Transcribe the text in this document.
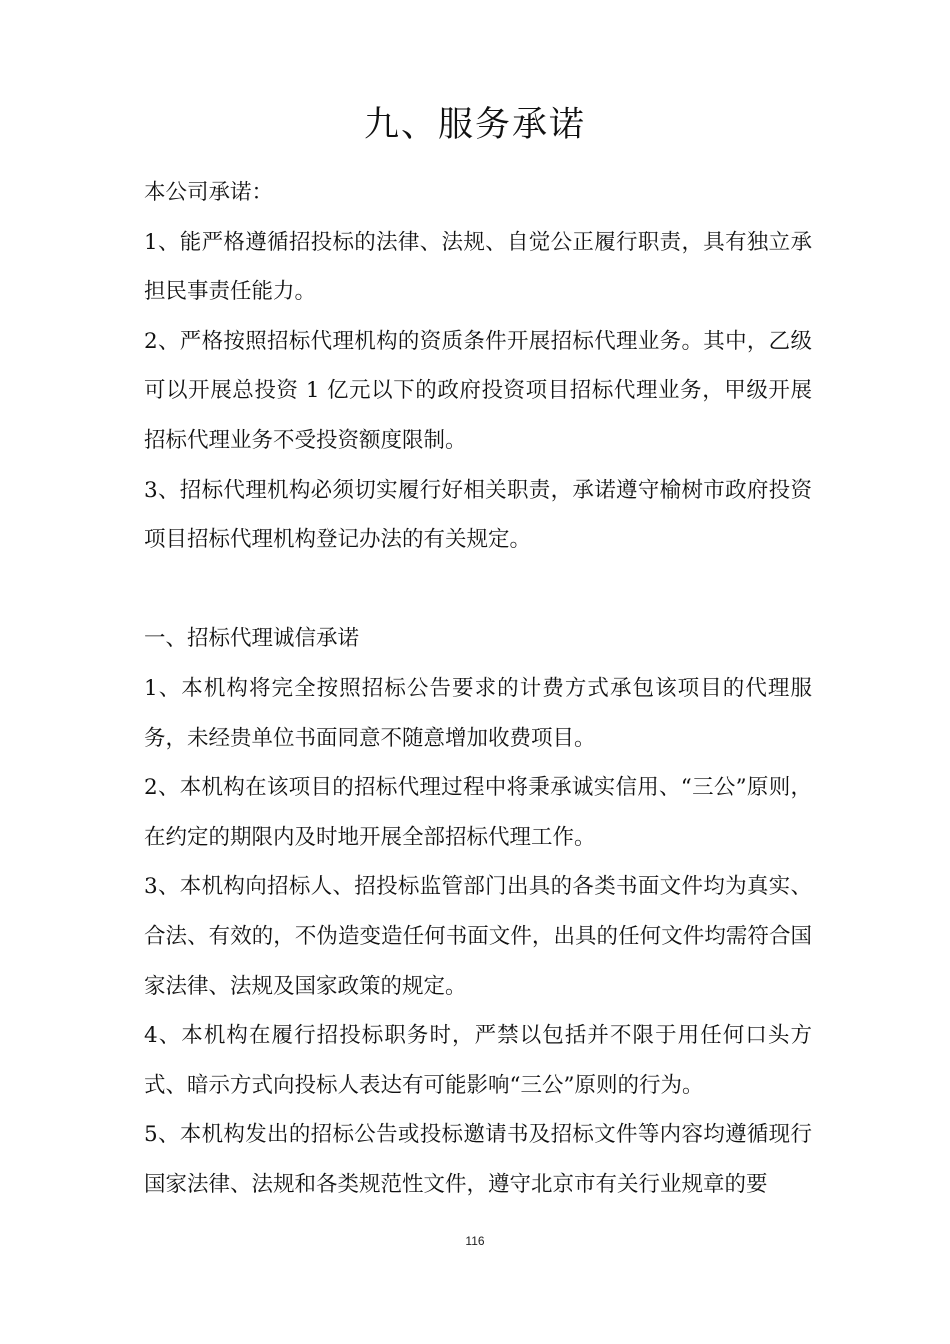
九、服务承诺

本公司承诺：

1、能严格遵循招投标的法律、法规、自觉公正履行职责，具有独立承担民事责任能力。

2、严格按照招标代理机构的资质条件开展招标代理业务。其中，乙级可以开展总投资 1 亿元以下的政府投资项目招标代理业务，甲级开展招标代理业务不受投资额度限制。

3、招标代理机构必须切实履行好相关职责，承诺遵守榆树市政府投资项目招标代理机构登记办法的有关规定。

一、招标代理诚信承诺

1、本机构将完全按照招标公告要求的计费方式承包该项目的代理服务，未经贵单位书面同意不随意增加收费项目。

2、本机构在该项目的招标代理过程中将秉承诚实信用、“三公”原则，在约定的期限内及时地开展全部招标代理工作。

3、本机构向招标人、招投标监管部门出具的各类书面文件均为真实、合法、有效的，不伪造变造任何书面文件，出具的任何文件均需符合国家法律、法规及国家政策的规定。

4、本机构在履行招投标职务时，严禁以包括并不限于用任何口头方式、暗示方式向投标人表达有可能影响“三公”原则的行为。

5、本机构发出的招标公告或投标邀请书及招标文件等内容均遵循现行国家法律、法规和各类规范性文件，遵守北京市有关行业规章的要

116
